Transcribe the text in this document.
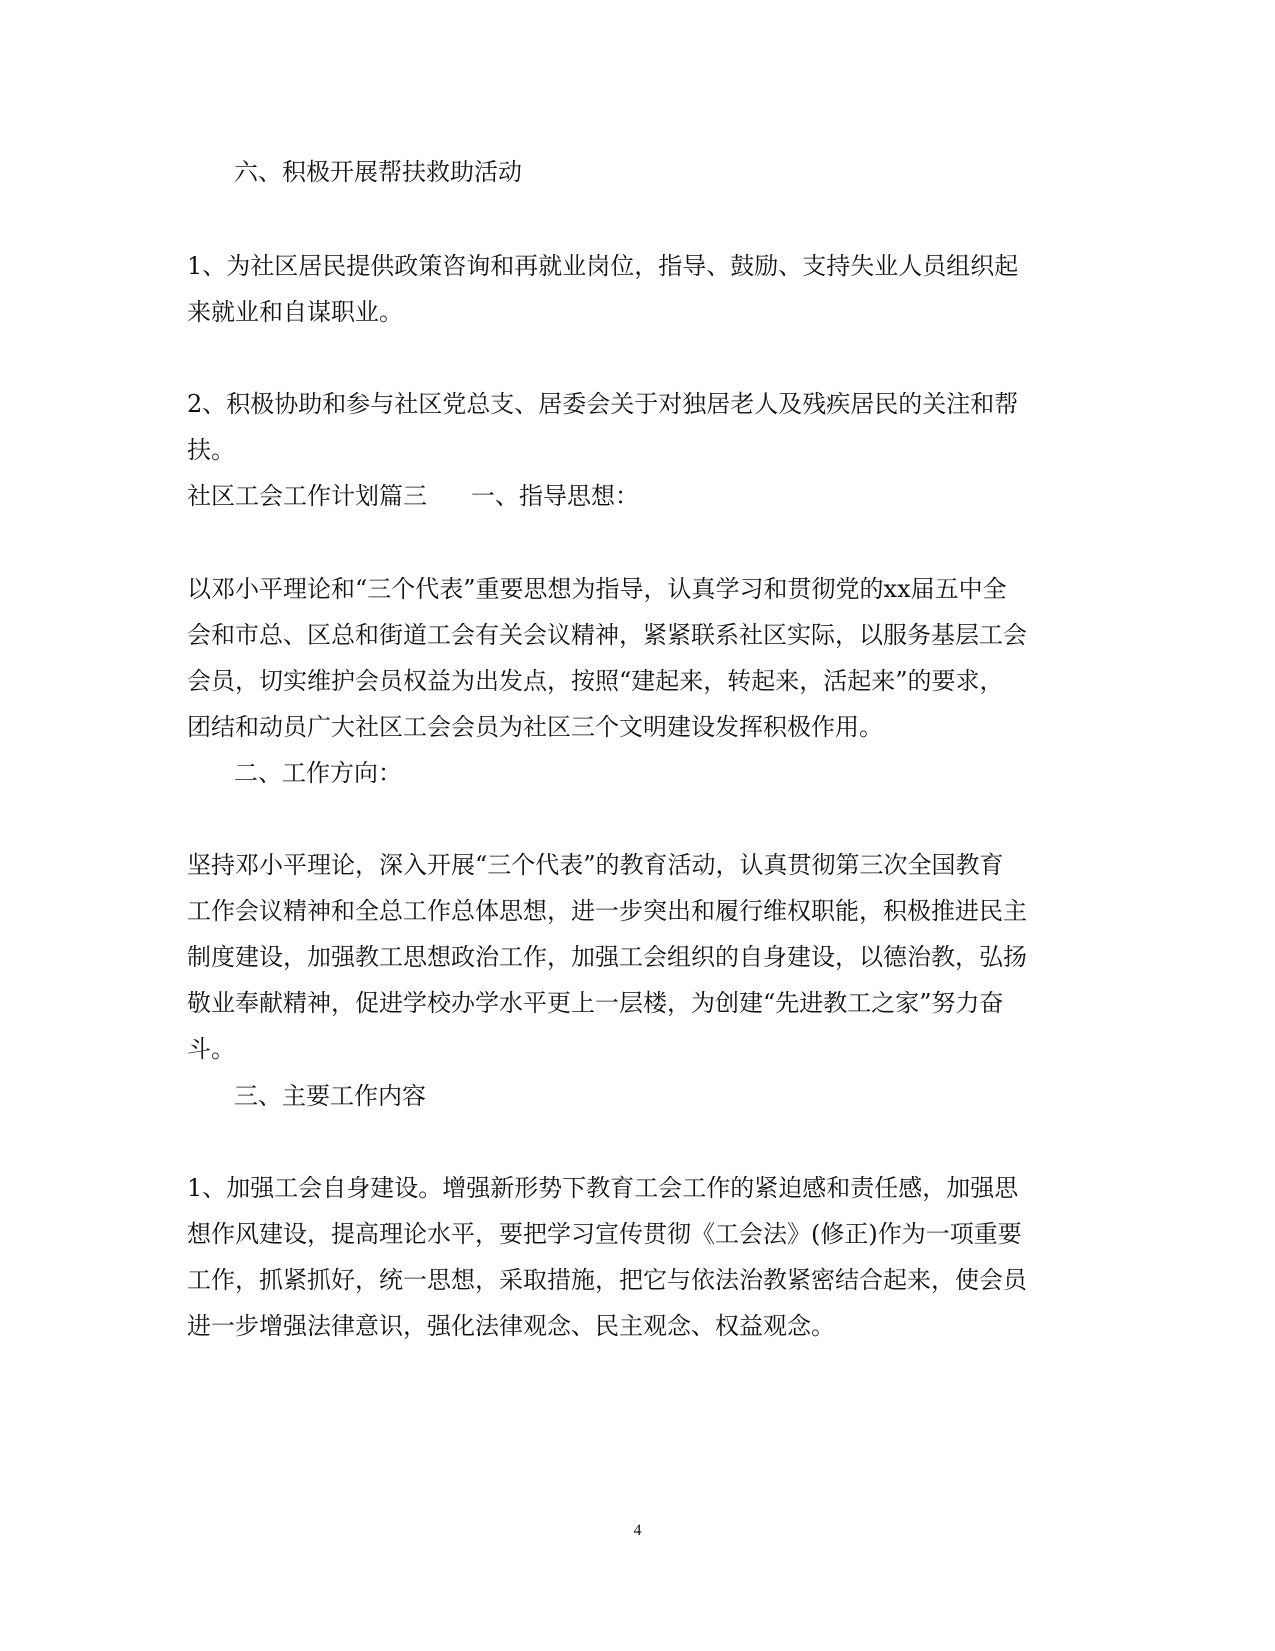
六、积极开展帮扶救助活动
1、为社区居民提供政策咨询和再就业岗位，指导、鼓励、支持失业人员组织起
来就业和自谋职业。
2、积极协助和参与社区党总支、居委会关于对独居老人及残疾居民的关注和帮
扶。
社区工会工作计划篇三	一、指导思想：
以邓小平理论和“三个代表”重要思想为指导，认真学习和贯彻党的xx届五中全
会和市总、区总和街道工会有关会议精神，紧紧联系社区实际，以服务基层工会
会员，切实维护会员权益为出发点，按照“建起来，转起来，活起来”的要求，
团结和动员广大社区工会会员为社区三个文明建设发挥积极作用。
二、工作方向：
坚持邓小平理论，深入开展“三个代表”的教育活动，认真贯彻第三次全国教育
工作会议精神和全总工作总体思想，进一步突出和履行维权职能，积极推进民主
制度建设，加强教工思想政治工作，加强工会组织的自身建设，以德治教，弘扬
敬业奉献精神，促进学校办学水平更上一层楼，为创建“先进教工之家”努力奋
斗。
三、主要工作内容
1、加强工会自身建设。增强新形势下教育工会工作的紧迫感和责任感，加强思
想作风建设，提高理论水平，要把学习宣传贯彻《工会法》(修正)作为一项重要
工作，抓紧抓好，统一思想，采取措施，把它与依法治教紧密结合起来，使会员
进一步增强法律意识，强化法律观念、民主观念、权益观念。
4
